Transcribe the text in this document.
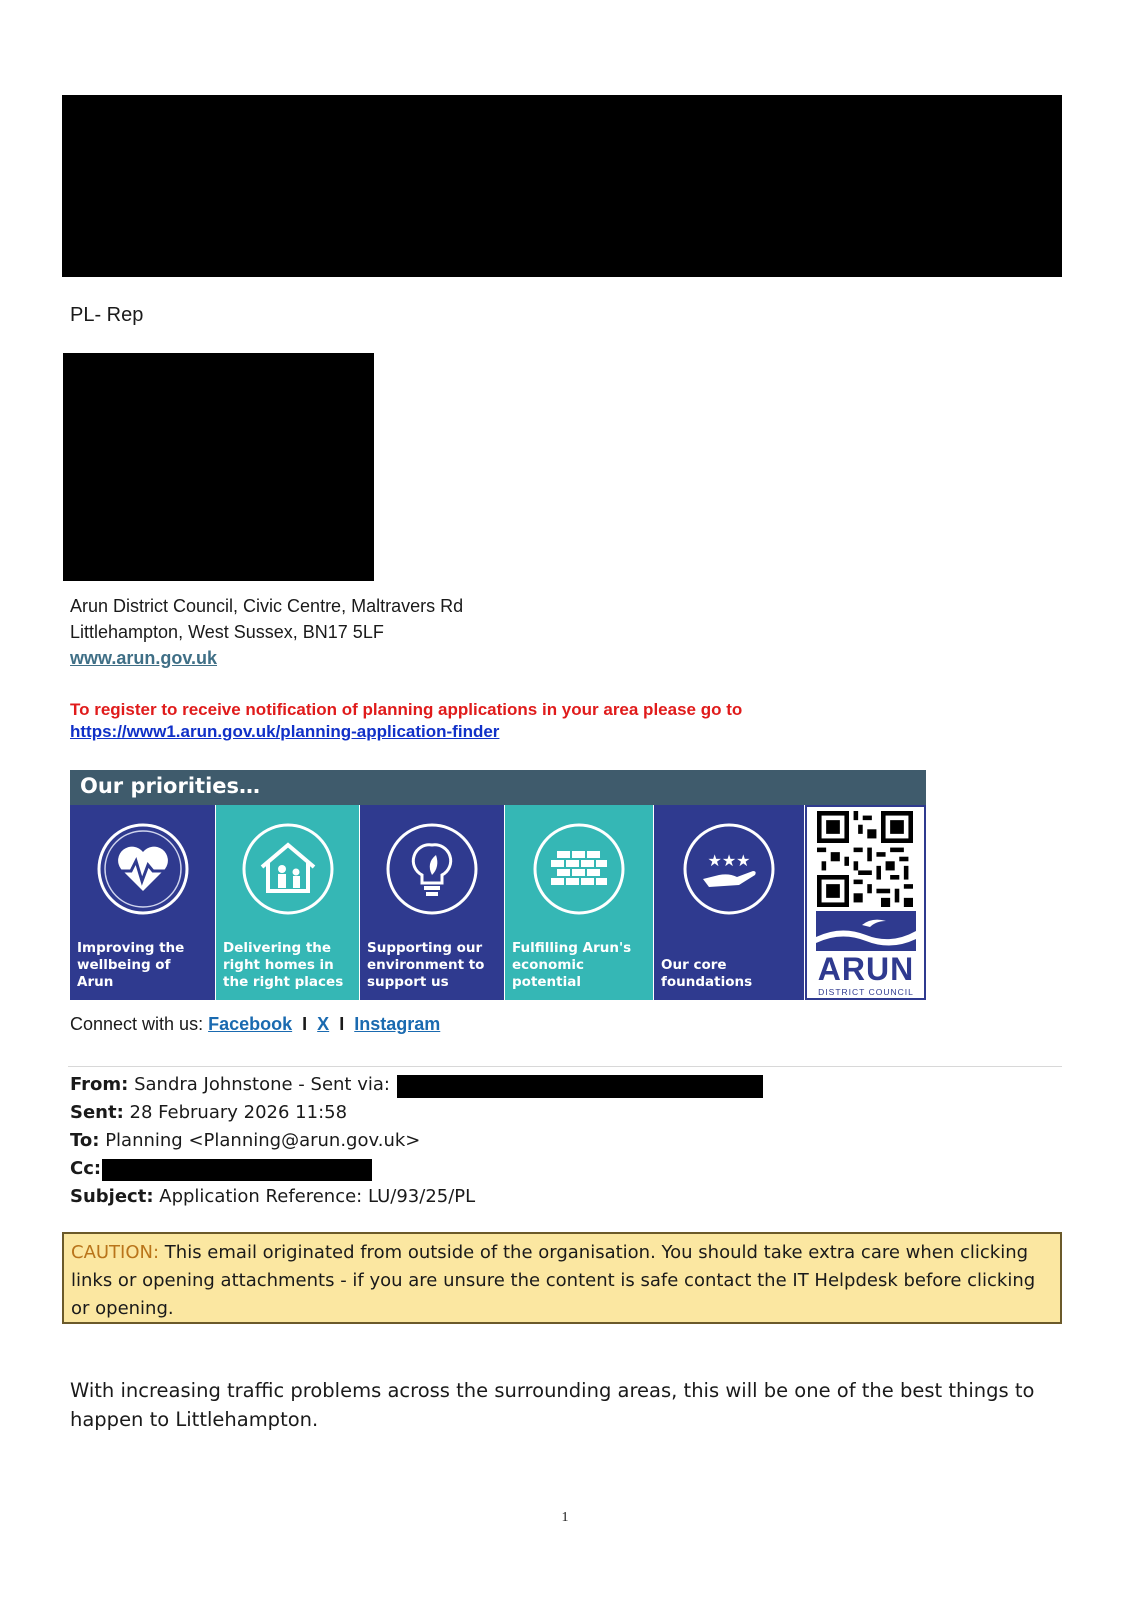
PL- Rep
Arun District Council, Civic Centre, Maltravers Rd
Littlehampton, West Sussex, BN17 5LF
www.arun.gov.uk
To register to receive notification of planning applications in your area please go to
https://www1.arun.gov.uk/planning-application-finder
Our priorities…
Improving the wellbeing of Arun
Delivering the right homes in the right places
Supporting our environment to support us
Fulfilling Arun's economic potential
★★★
Our core foundations	ARUN
DISTRICT COUNCIL
Connect with us: Facebook I X I Instagram
From: Sandra Johnstone - Sent via:
Sent: 28 February 2026 11:58
To: Planning <Planning@arun.gov.uk>
Cc:
Subject: Application Reference: LU/93/25/PL
CAUTION: This email originated from outside of the organisation. You should take extra care when clicking links or opening attachments - if you are unsure the content is safe contact the IT Helpdesk before clicking or opening.
With increasing traffic problems across the surrounding areas, this will be one of the best things to happen to Littlehampton.
1
